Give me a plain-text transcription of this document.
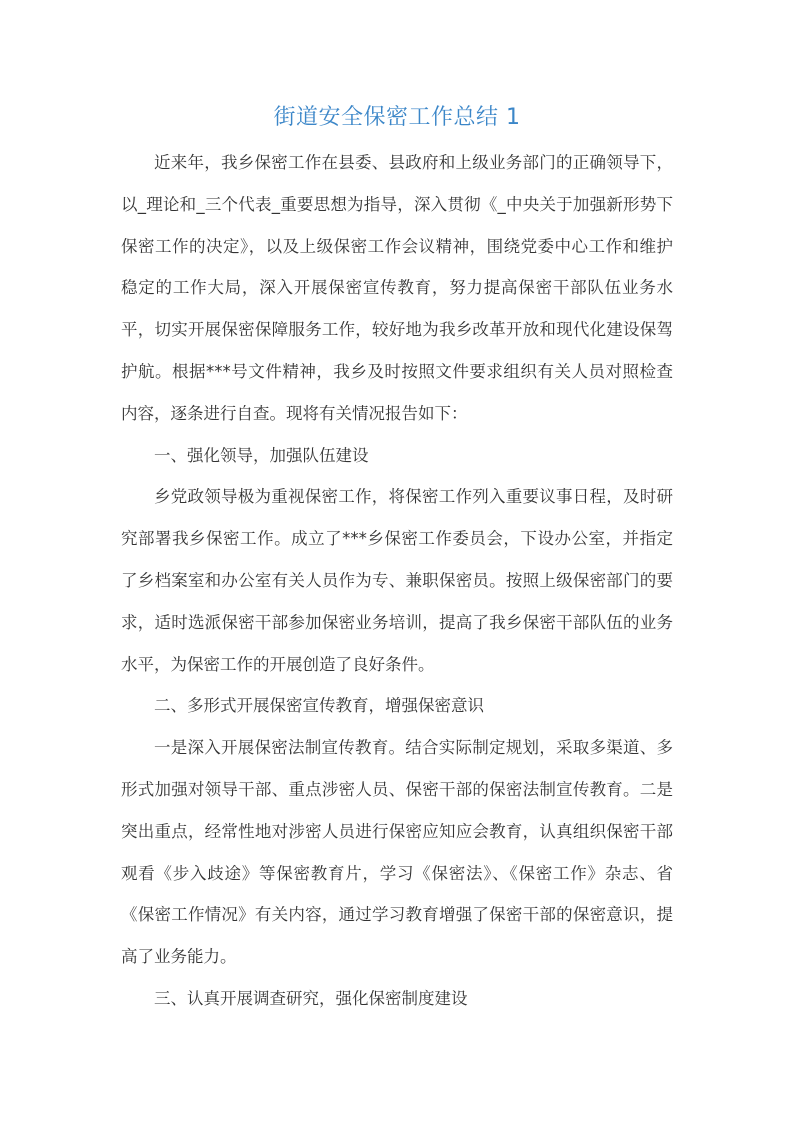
街道安全保密工作总结 1

近来年，我乡保密工作在县委、县政府和上级业务部门的正确领导下，以_理论和_三个代表_重要思想为指导，深入贯彻《_中央关于加强新形势下保密工作的决定》，以及上级保密工作会议精神，围绕党委中心工作和维护稳定的工作大局，深入开展保密宣传教育，努力提高保密干部队伍业务水平，切实开展保密保障服务工作，较好地为我乡改革开放和现代化建设保驾护航。根据***号文件精神，我乡及时按照文件要求组织有关人员对照检查内容，逐条进行自查。现将有关情况报告如下：

一、强化领导，加强队伍建设

乡党政领导极为重视保密工作，将保密工作列入重要议事日程，及时研究部署我乡保密工作。成立了***乡保密工作委员会，下设办公室，并指定了乡档案室和办公室有关人员作为专、兼职保密员。按照上级保密部门的要求，适时选派保密干部参加保密业务培训，提高了我乡保密干部队伍的业务水平，为保密工作的开展创造了良好条件。

二、多形式开展保密宣传教育，增强保密意识

一是深入开展保密法制宣传教育。结合实际制定规划，采取多渠道、多形式加强对领导干部、重点涉密人员、保密干部的保密法制宣传教育。二是突出重点，经常性地对涉密人员进行保密应知应会教育，认真组织保密干部观看《步入歧途》等保密教育片，学习《保密法》、《保密工作》杂志、省《保密工作情况》有关内容，通过学习教育增强了保密干部的保密意识，提高了业务能力。

三、认真开展调查研究，强化保密制度建设
